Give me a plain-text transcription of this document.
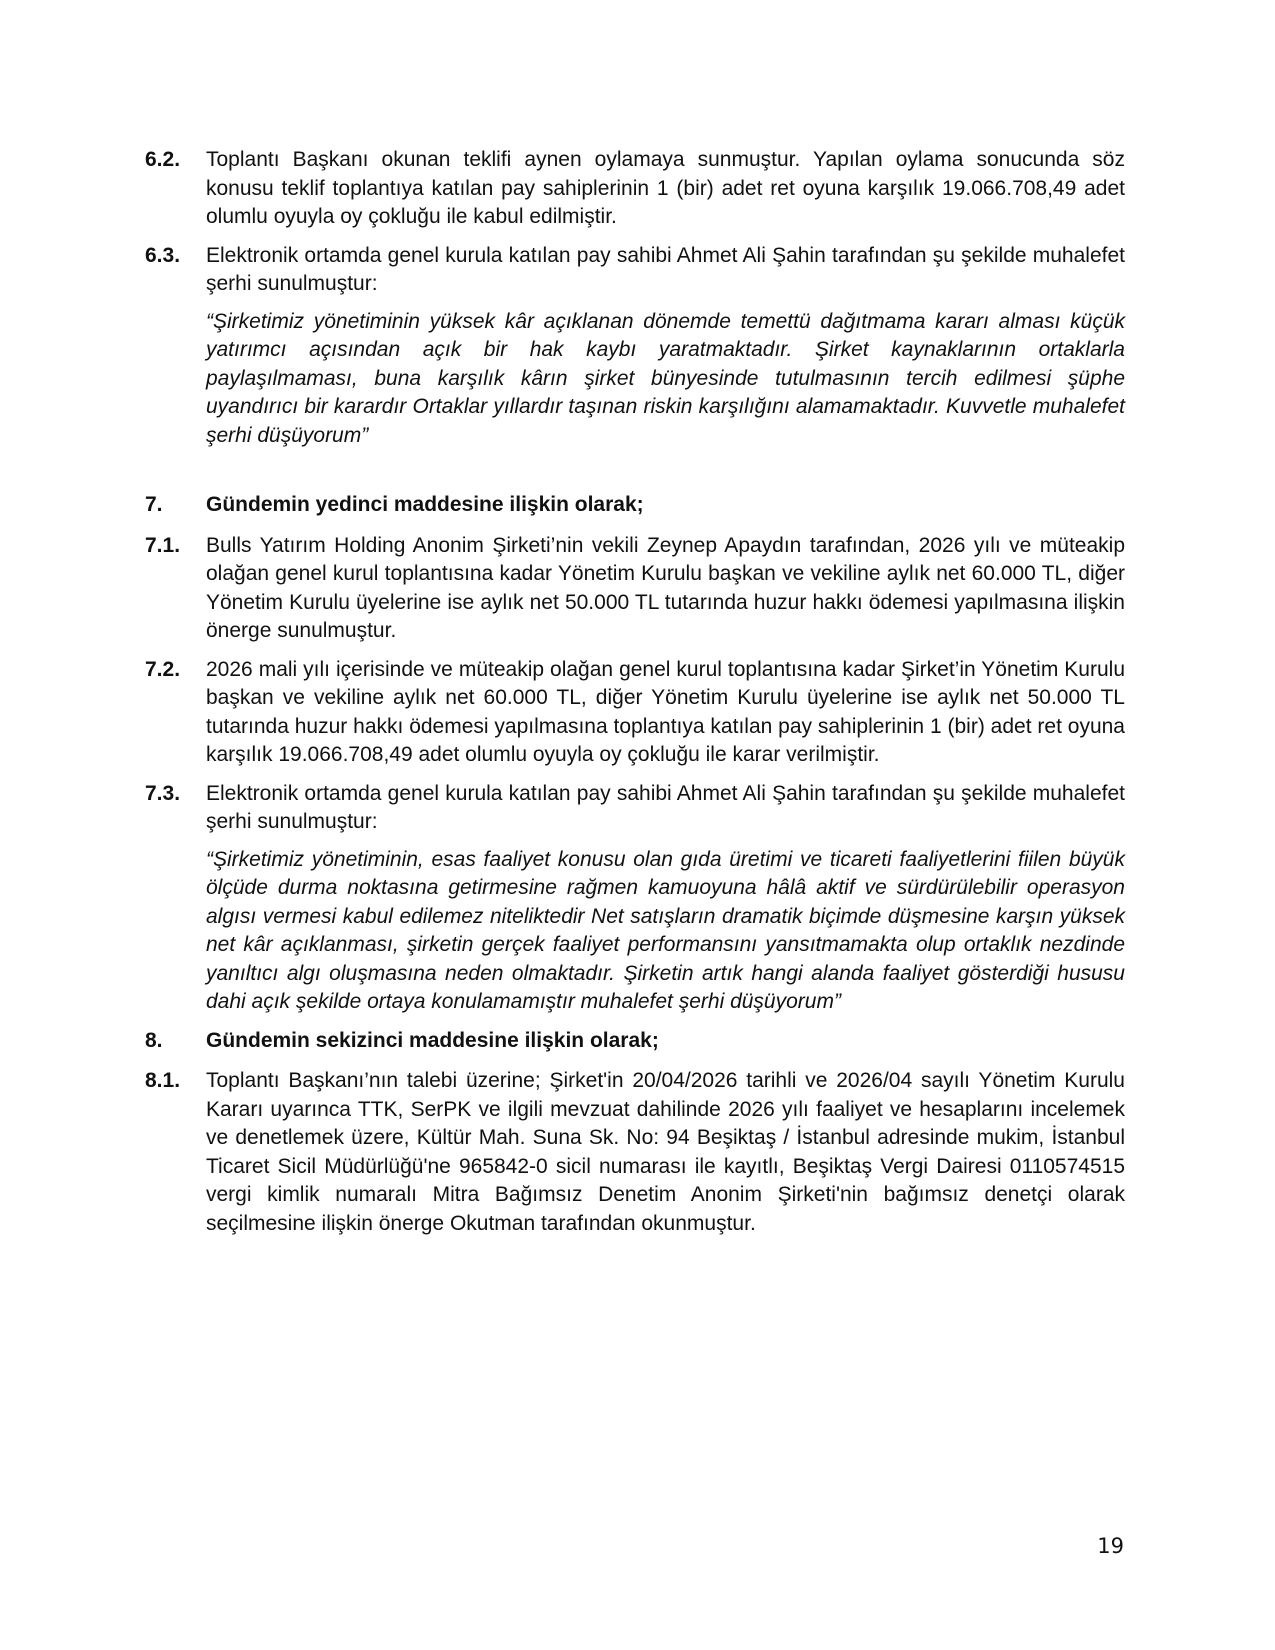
6.2. Toplantı Başkanı okunan teklifi aynen oylamaya sunmuştur. Yapılan oylama sonucunda söz konusu teklif toplantıya katılan pay sahiplerinin 1 (bir) adet ret oyuna karşılık 19.066.708,49 adet olumlu oyuyla oy çokluğu ile kabul edilmiştir.

6.3. Elektronik ortamda genel kurula katılan pay sahibi Ahmet Ali Şahin tarafından şu şekilde muhalefet şerhi sunulmuştur:

“Şirketimiz yönetiminin yüksek kâr açıklanan dönemde temettü dağıtmama kararı alması küçük yatırımcı açısından açık bir hak kaybı yaratmaktadır. Şirket kaynaklarının ortaklarla paylaşılmaması, buna karşılık kârın şirket bünyesinde tutulmasının tercih edilmesi şüphe uyandırıcı bir karardır Ortaklar yıllardır taşınan riskin karşılığını alamamaktadır. Kuvvetle muhalefet şerhi düşüyorum”

7. Gündemin yedinci maddesine ilişkin olarak;
7.1. Bulls Yatırım Holding Anonim Şirketi’nin vekili Zeynep Apaydın tarafından, 2026 yılı ve müteakip olağan genel kurul toplantısına kadar Yönetim Kurulu başkan ve vekiline aylık net 60.000 TL, diğer Yönetim Kurulu üyelerine ise aylık net 50.000 TL tutarında huzur hakkı ödemesi yapılmasına ilişkin önerge sunulmuştur.

7.2. 2026 mali yılı içerisinde ve müteakip olağan genel kurul toplantısına kadar Şirket’in Yönetim Kurulu başkan ve vekiline aylık net 60.000 TL, diğer Yönetim Kurulu üyelerine ise aylık net 50.000 TL tutarında huzur hakkı ödemesi yapılmasına toplantıya katılan pay sahiplerinin 1 (bir) adet ret oyuna karşılık 19.066.708,49 adet olumlu oyuyla oy çokluğu ile karar verilmiştir.

7.3. Elektronik ortamda genel kurula katılan pay sahibi Ahmet Ali Şahin tarafından şu şekilde muhalefet şerhi sunulmuştur:

“Şirketimiz yönetiminin, esas faaliyet konusu olan gıda üretimi ve ticareti faaliyetlerini fiilen büyük ölçüde durma noktasına getirmesine rağmen kamuoyuna hâlâ aktif ve sürdürülebilir operasyon algısı vermesi kabul edilemez niteliktedir Net satışların dramatik biçimde düşmesine karşın yüksek net kâr açıklanması, şirketin gerçek faaliyet performansını yansıtmamakta olup ortaklık nezdinde yanıltıcı algı oluşmasına neden olmaktadır. Şirketin artık hangi alanda faaliyet gösterdiği hususu dahi açık şekilde ortaya konulamamıştır muhalefet şerhi düşüyorum”

8. Gündemin sekizinci maddesine ilişkin olarak;
8.1. Toplantı Başkanı’nın talebi üzerine; Şirket'in 20/04/2026 tarihli ve 2026/04 sayılı Yönetim Kurulu Kararı uyarınca TTK, SerPK ve ilgili mevzuat dahilinde 2026 yılı faaliyet ve hesaplarını incelemek ve denetlemek üzere, Kültür Mah. Suna Sk. No: 94 Beşiktaş / İstanbul adresinde mukim, İstanbul Ticaret Sicil Müdürlüğü'ne 965842-0 sicil numarası ile kayıtlı, Beşiktaş Vergi Dairesi 0110574515 vergi kimlik numaralı Mitra Bağımsız Denetim Anonim Şirketi'nin bağımsız denetçi olarak seçilmesine ilişkin önerge Okutman tarafından okunmuştur.

19
